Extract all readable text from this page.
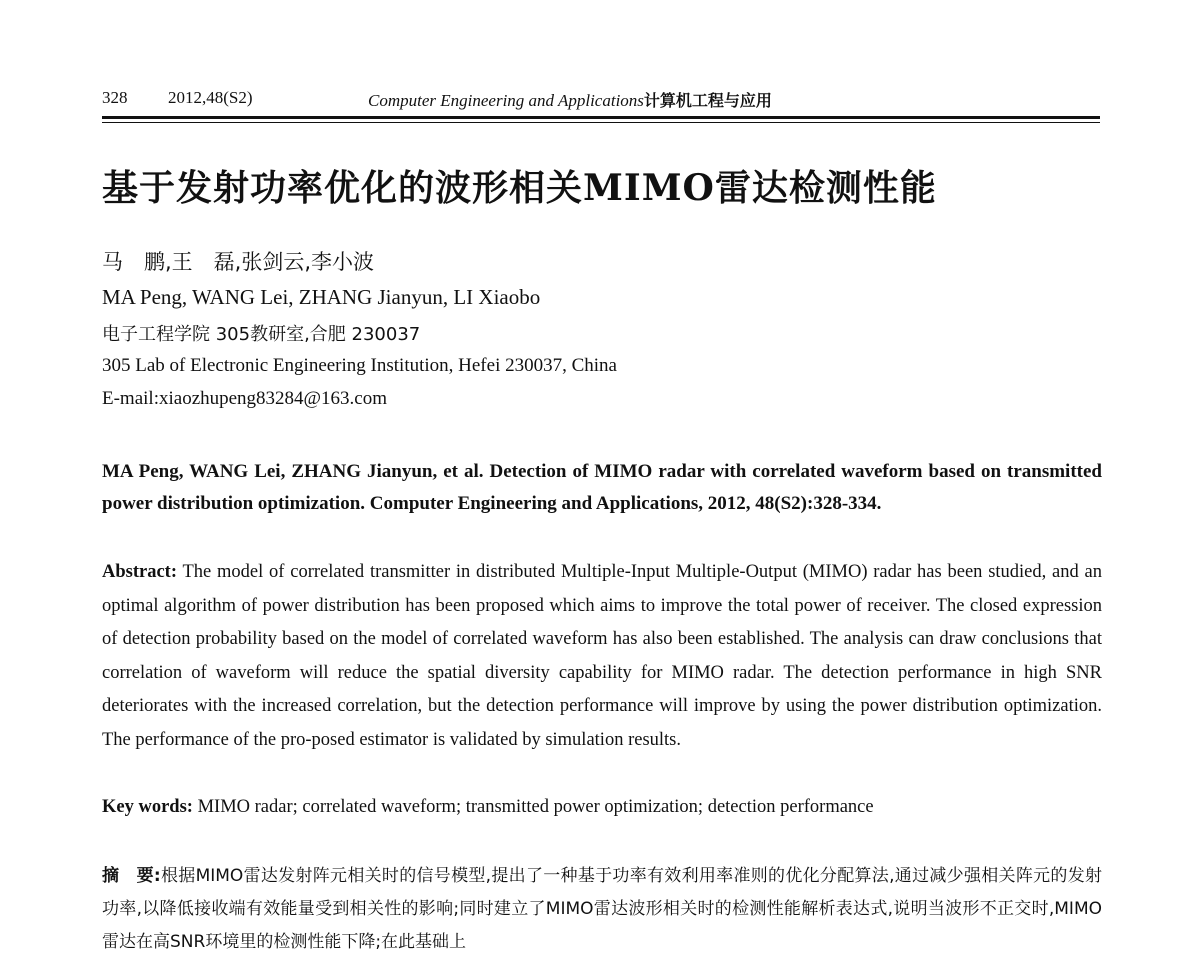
328 2012,48(S2)	Computer Engineering and Applications计算机工程与应用
基于发射功率优化的波形相关MIMO雷达检测性能
马　鹏,王　磊,张剑云,李小波
MA Peng, WANG Lei, ZHANG Jianyun, LI Xiaobo
电子工程学院 305教研室,合肥 230037
305 Lab of Electronic Engineering Institution, Hefei 230037, China
E-mail:xiaozhupeng83284@163.com
MA Peng, WANG Lei, ZHANG Jianyun, et al. Detection of MIMO radar with correlated waveform based on transmitted power distribution optimization. Computer Engineering and Applications, 2012, 48(S2):328-334.
Abstract: The model of correlated transmitter in distributed Multiple-Input Multiple-Output (MIMO) radar has been studied, and an optimal algorithm of power distribution has been proposed which aims to improve the total power of receiver. The closed expression of detection probability based on the model of correlated waveform has also been established. The analysis can draw conclusions that correlation of waveform will reduce the spatial diversity capability for MIMO radar. The detection performance in high SNR deteriorates with the increased correlation, but the detection performance will improve by using the power distribution optimization. The performance of the pro-posed estimator is validated by simulation results.
Key words: MIMO radar; correlated waveform; transmitted power optimization; detection performance
摘　要:根据MIMO雷达发射阵元相关时的信号模型,提出了一种基于功率有效利用率准则的优化分配算法,通过减少强相关阵元的发射功率,以降低接收端有效能量受到相关性的影响;同时建立了MIMO雷达波形相关时的检测性能解析表达式,说明当波形不正交时,MIMO雷达在高SNR环境里的检测性能下降;在此基础上
